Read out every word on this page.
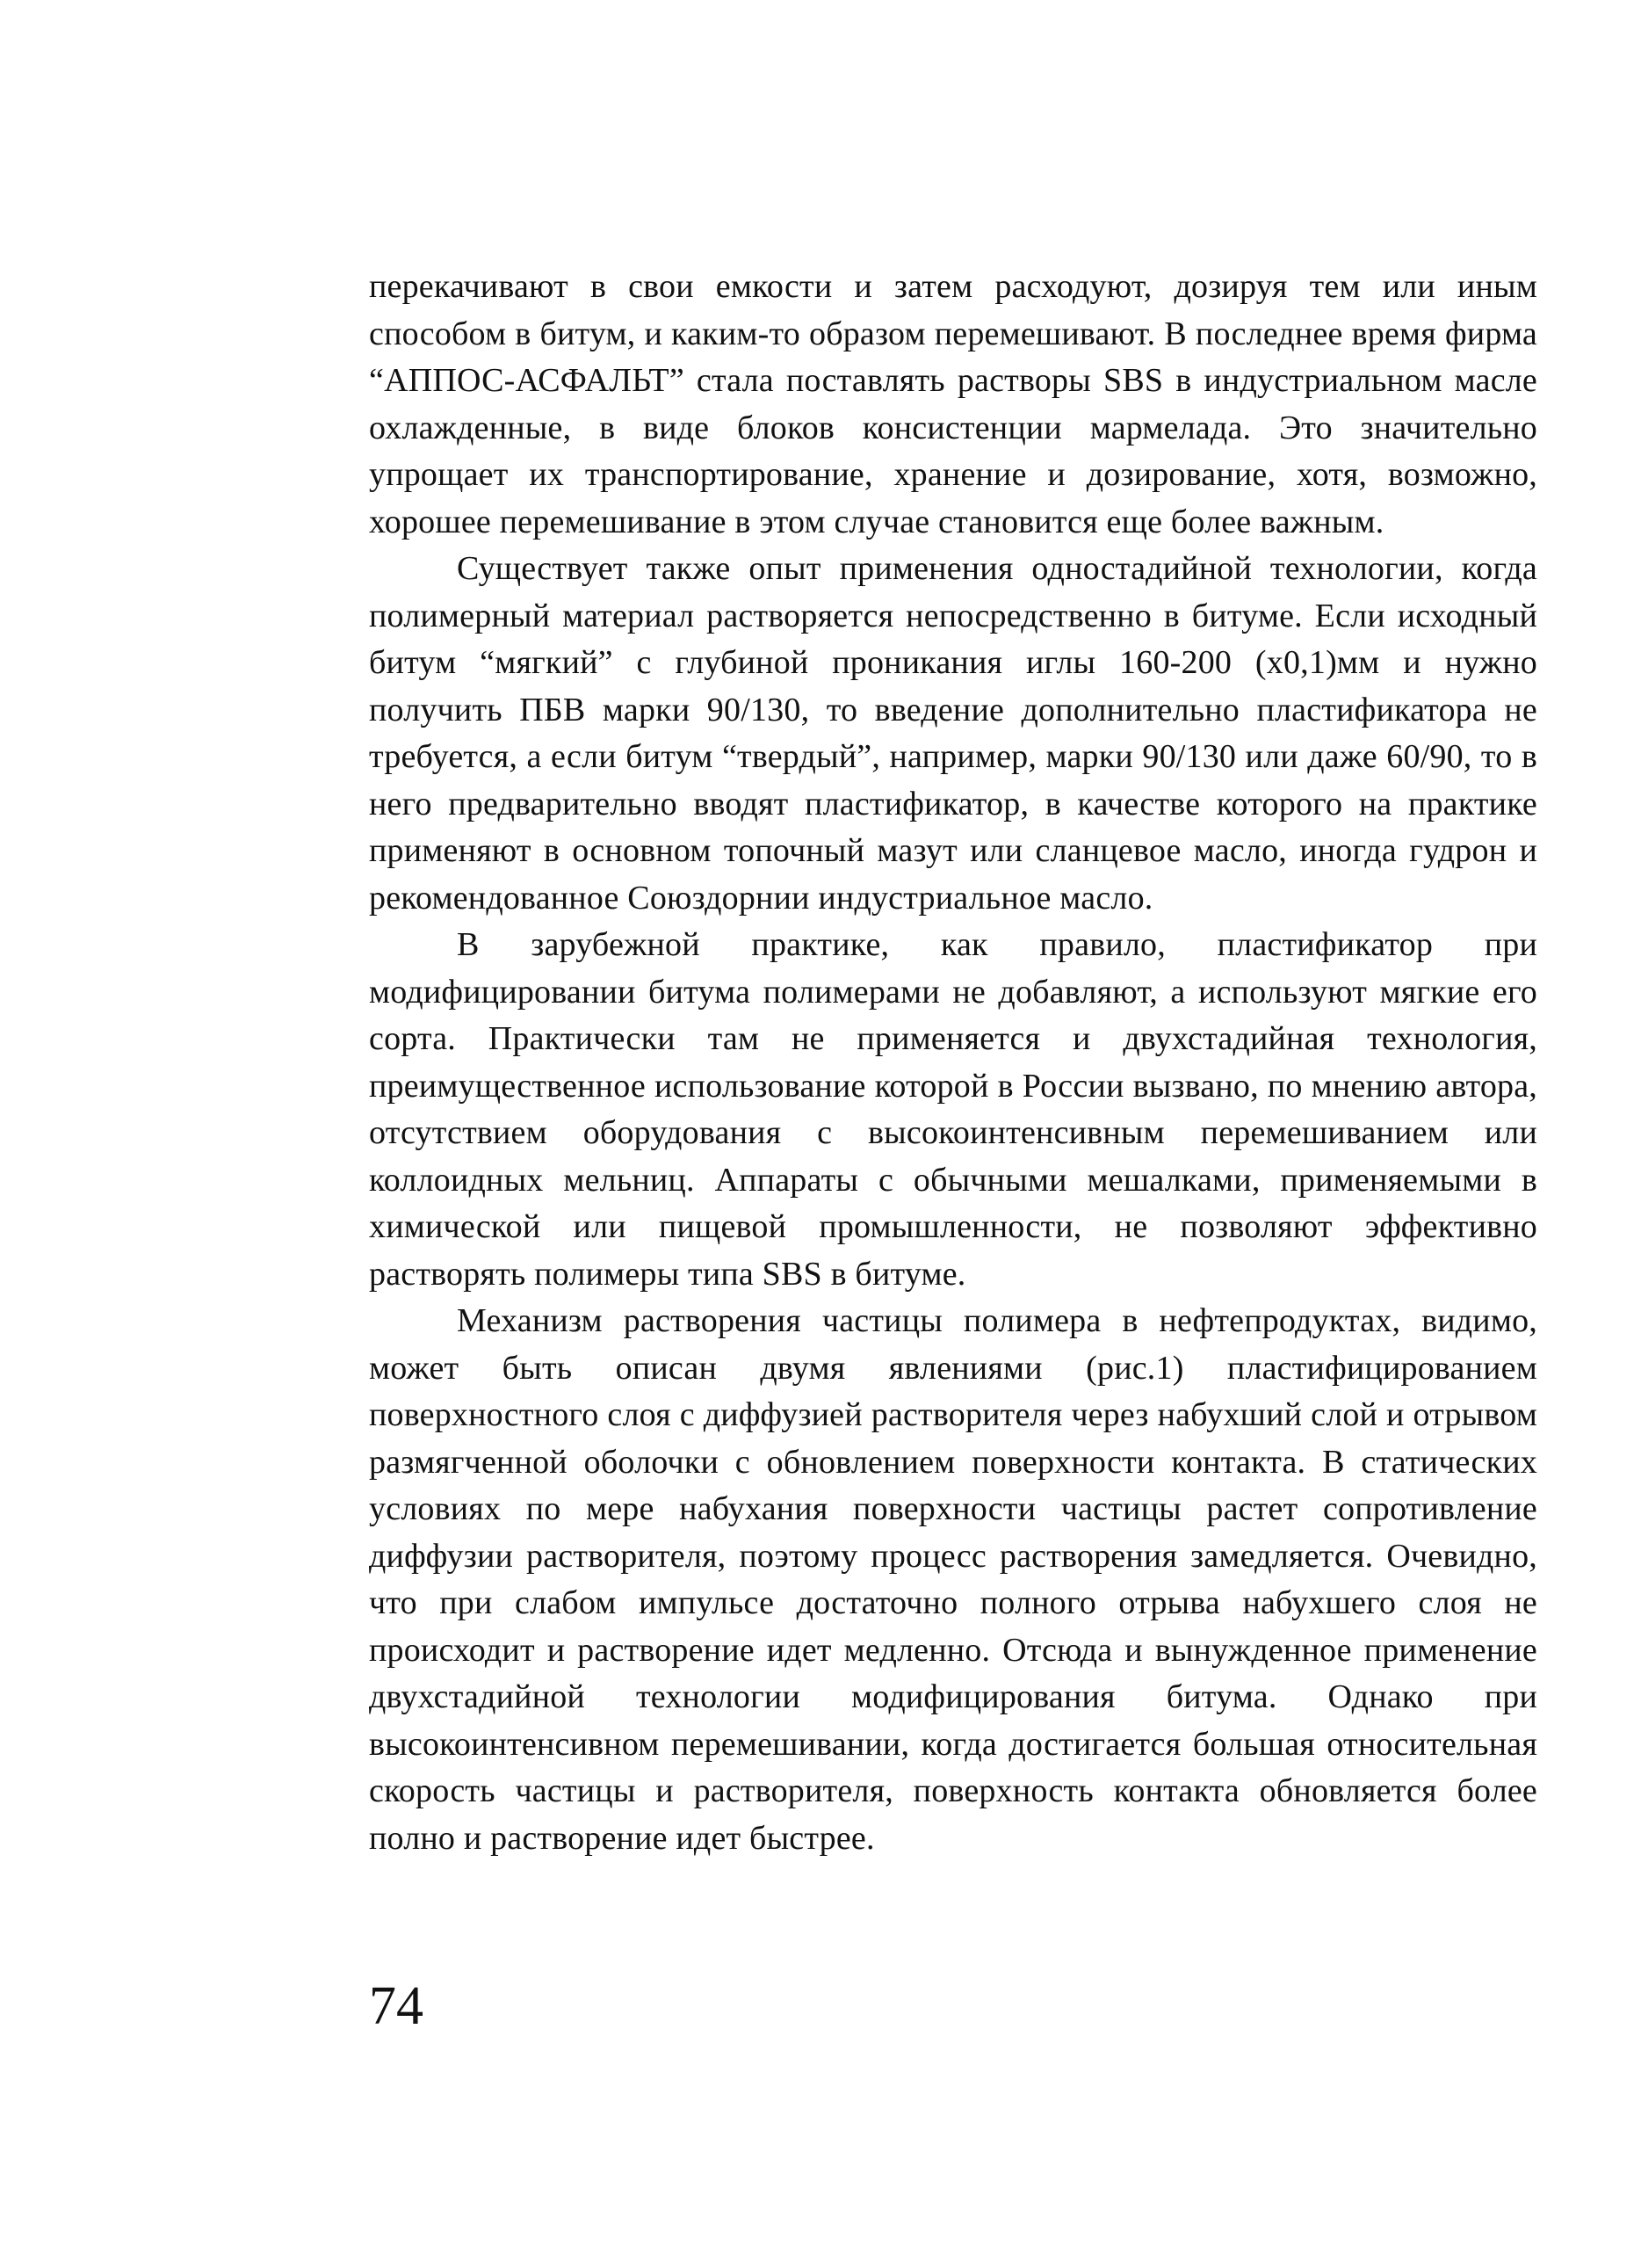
перекачивают в свои емкости и затем расходуют, дозируя тем или иным способом в битум, и каким-то образом перемешивают. В последнее время фирма “АППОС-АСФАЛЬТ” стала поставлять растворы SBS в индустриальном масле охлажденные, в виде блоков консистенции мармелада. Это значительно упрощает их транспортирование, хранение и дозирование, хотя, возможно, хорошее перемешивание в этом случае становится еще более важным.

Существует также опыт применения одностадийной технологии, когда полимерный материал растворяется непосредственно в битуме. Если исходный битум “мягкий” с глубиной проникания иглы 160-200 (х0,1)мм и нужно получить ПБВ марки 90/130, то введение дополнительно пластификатора не требуется, а если битум “твердый”, например, марки 90/130 или даже 60/90, то в него предварительно вводят пластификатор, в качестве которого на практике применяют в основном топочный мазут или сланцевое масло, иногда гудрон и рекомендованное Союздорнии индустриальное масло.

В зарубежной практике, как правило, пластификатор при модифицировании битума полимерами не добавляют, а используют мягкие его сорта. Практически там не применяется и двухстадийная технология, преимущественное использование которой в России вызвано, по мнению автора, отсутствием оборудования с высокоинтенсивным перемешиванием или коллоидных мельниц. Аппараты с обычными мешалками, применяемыми в химической или пищевой промышленности, не позволяют эффективно растворять полимеры типа SBS в битуме.

Механизм растворения частицы полимера в нефтепродуктах, видимо, может быть описан двумя явлениями (рис.1) пластифицированием поверхностного слоя с диффузией растворителя через набухший слой и отрывом размягченной оболочки с обновлением поверхности контакта. В статических условиях по мере набухания поверхности частицы растет сопротивление диффузии растворителя, поэтому процесс растворения замедляется. Очевидно, что при слабом импульсе достаточно полного отрыва набухшего слоя не происходит и растворение идет медленно. Отсюда и вынужденное применение двухстадийной технологии модифицирования битума. Однако при высокоинтенсивном перемешивании, когда достигается большая относительная скорость частицы и растворителя, поверхность контакта обновляется более полно и растворение идет быстрее.

74
